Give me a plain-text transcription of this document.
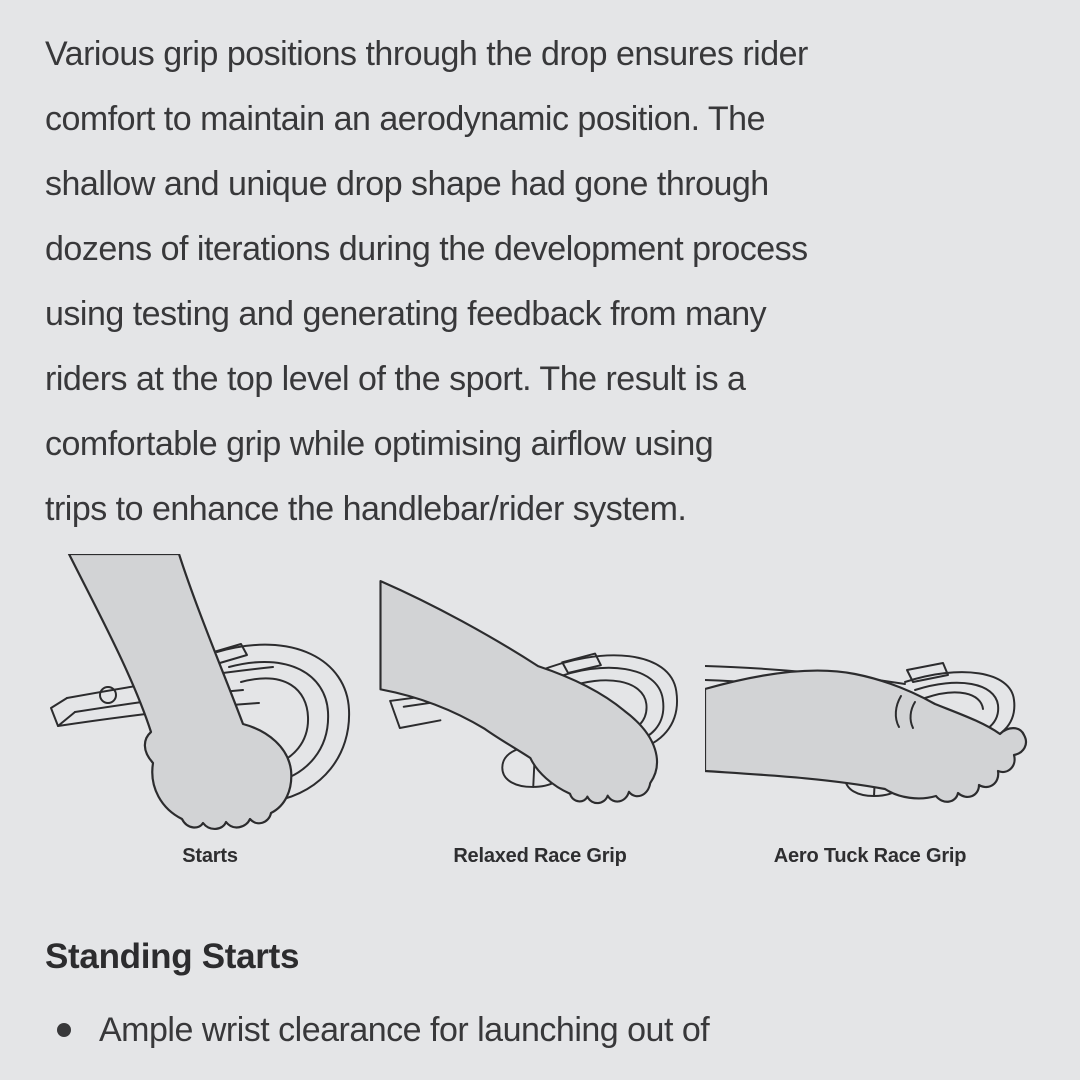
Various grip positions through the drop ensures rider
comfort to maintain an aerodynamic position. The
shallow and unique drop shape had gone through
dozens of iterations during the development process
using testing and generating feedback from many
riders at the top level of the sport. The result is a
comfortable grip while optimising airflow using
trips to enhance the handlebar/rider system.
Starts	Relaxed Race Grip	Aero Tuck Race Grip
Standing Starts
Ample wrist clearance for launching out of
